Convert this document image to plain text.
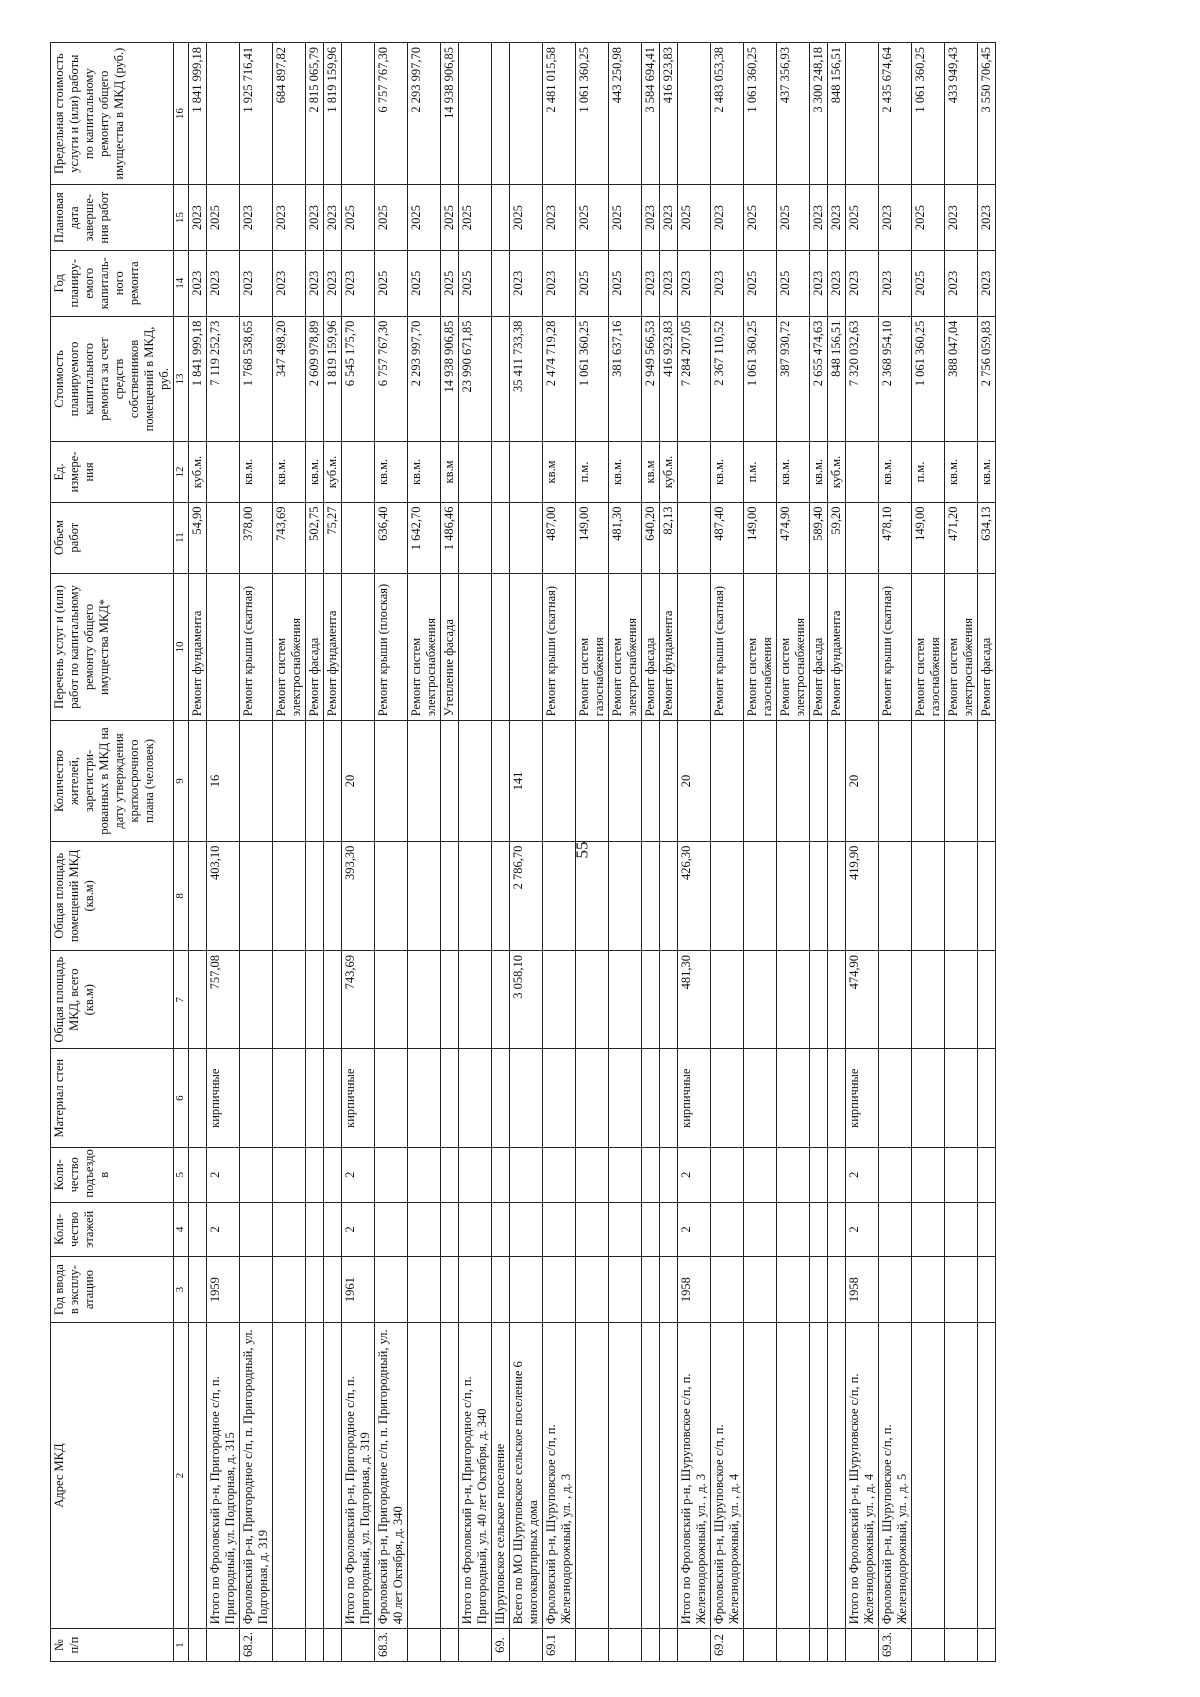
55
№ п/п	Адрес МКД	Год ввода в эксплу-атацию	Коли-чество этажей	Коли-чество подъездо в	Материал стен	Общая площадь МКД, всего (кв.м)	Общая площадь помещений МКД (кв.м)	Количество жителей, зарегистри-рованных в МКД на дату утверждения краткосрочного плана (человек)	Перечень услуг и (или) работ по капитальному ремонту общего имущества МКД*	Объем работ	Ед. измере-ния	Стоимость планируемого капитального ремонта за счет средств собственников помещений в МКД, руб.	Год планиру-емого капиталь-ного ремонта	Плановая дата заверше-ния работ	Предельная стоимость услуги и (или) работы по капитальному ремонту общего имущества в МКД (руб.)
1	2	3	4	5	6	7	8	9	10	11	12	13	14	15	16
									Ремонт фундамента	54,90	куб.м.	1 841 999,18	2023	2023	1 841 999,18
	Итого по Фроловский р-н, Пригородное с/п, п. Пригородный, ул. Подгорная, д. 315	1959	2	2	кирпичные	757,08	403,10	16				7 119 252,73	2023	2025	
68.2.	Фроловский р-н, Пригородное с/п, п. Пригородный, ул. Подгорная, д. 319								Ремонт крыши (скатная)	378,00	кв.м.	1 768 538,65	2023	2023	1 925 716,41
									Ремонт систем электроснабжения	743,69	кв.м.	347 498,20	2023	2023	684 897,82
									Ремонт фасада	502,75	кв.м.	2 609 978,89	2023	2023	2 815 065,79
									Ремонт фундамента	75,27	куб.м.	1 819 159,96	2023	2023	1 819 159,96
	Итого по Фроловский р-н, Пригородное с/п, п. Пригородный, ул. Подгорная, д. 319	1961	2	2	кирпичные	743,69	393,30	20				6 545 175,70	2023	2025	
68.3.	Фроловский р-н, Пригородное с/п, п. Пригородный, ул. 40 лет Октября, д. 340								Ремонт крыши (плоская)	636,40	кв.м.	6 757 767,30	2025	2025	6 757 767,30
									Ремонт систем электроснабжения	1 642,70	кв.м.	2 293 997,70	2025	2025	2 293 997,70
									Утепление фасада	1 486,46	кв.м	14 938 906,85	2025	2025	14 938 906,85
	Итого по Фроловский р-н, Пригородное с/п, п. Пригородный, ул. 40 лет Октября, д. 340											23 990 671,85	2025	2025	
69.	Шуруповское сельское поселение														
	Всего по МО Шуруповское сельское поселение 6 многоквартирных дома					3 058,10	2 786,70	141				35 411 733,38	2023	2025	
69.1	Фроловский р-н, Шуруповское с/п, п. Железнодорожный, ул. , д. 3								Ремонт крыши (скатная)	487,00	кв.м	2 474 719,28	2023	2023	2 481 015,58
									Ремонт систем газоснабжения	149,00	п.м.	1 061 360,25	2025	2025	1 061 360,25
									Ремонт систем электроснабжения	481,30	кв.м.	381 637,16	2025	2025	443 250,98
									Ремонт фасада	640,20	кв.м	2 949 566,53	2023	2023	3 584 694,41
									Ремонт фундамента	82,13	куб.м.	416 923,83	2023	2023	416 923,83
	Итого по Фроловский р-н, Шуруповское с/п, п. Железнодорожный, ул. , д. 3	1958	2	2	кирпичные	481,30	426,30	20				7 284 207,05	2023	2025	
69.2	Фроловский р-н, Шуруповское с/п, п. Железнодорожный, ул. , д. 4								Ремонт крыши (скатная)	487,40	кв.м.	2 367 110,52	2023	2023	2 483 053,38
									Ремонт систем газоснабжения	149,00	п.м.	1 061 360,25	2025	2025	1 061 360,25
									Ремонт систем электроснабжения	474,90	кв.м.	387 930,72	2025	2025	437 356,93
									Ремонт фасада	589,40	кв.м.	2 655 474,63	2023	2023	3 300 248,18
									Ремонт фундамента	59,20	куб.м.	848 156,51	2023	2023	848 156,51
	Итого по Фроловский р-н, Шуруповское с/п, п. Железнодорожный, ул. , д. 4	1958	2	2	кирпичные	474,90	419,90	20				7 320 032,63	2023	2025	
69.3.	Фроловский р-н, Шуруповское с/п, п. Железнодорожный, ул. , д. 5								Ремонт крыши (скатная)	478,10	кв.м.	2 368 954,10	2023	2023	2 435 674,64
									Ремонт систем газоснабжения	149,00	п.м.	1 061 360,25	2025	2025	1 061 360,25
									Ремонт систем электроснабжения	471,20	кв.м.	388 047,04	2023	2023	433 949,43
									Ремонт фасада	634,13	кв.м.	2 756 059,83	2023	2023	3 550 706,45
